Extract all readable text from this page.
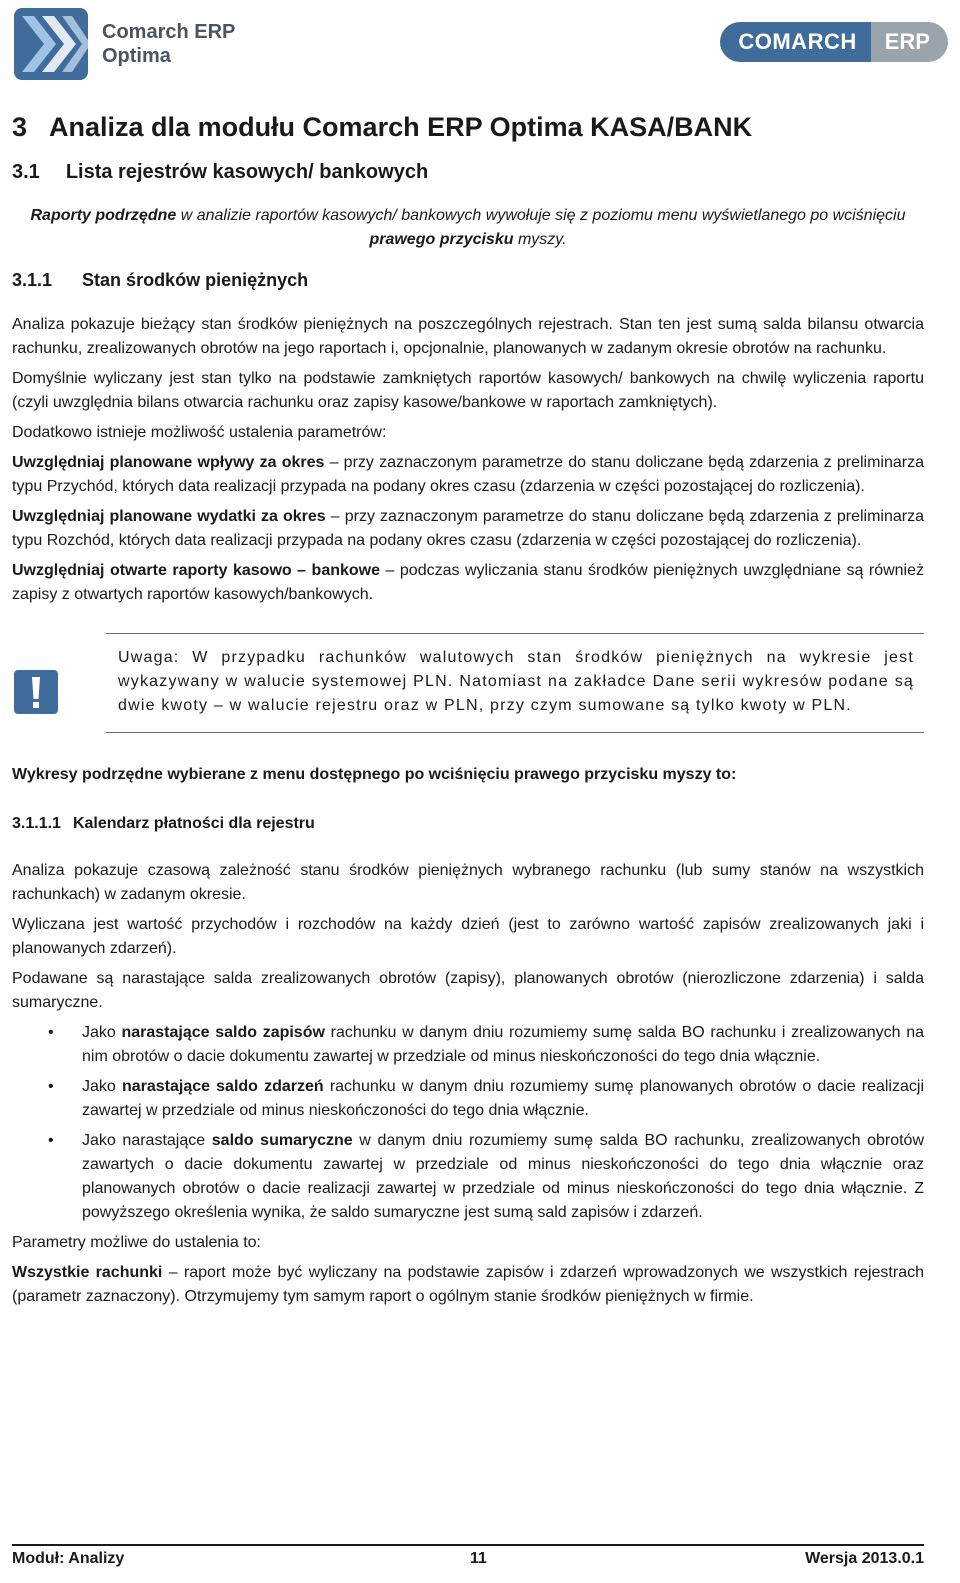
Comarch ERP
Optima
COMARCH	ERP
3 Analiza dla modułu Comarch ERP Optima KASA/BANK
3.1 Lista rejestrów kasowych/ bankowych

Raporty podrzędne w analizie raportów kasowych/ bankowych wywołuje się z poziomu menu wyświetlanego po wciśnięciu prawego przycisku myszy.

3.1.1 Stan środków pieniężnych

Analiza pokazuje bieżący stan środków pieniężnych na poszczególnych rejestrach. Stan ten jest sumą salda bilansu otwarcia rachunku, zrealizowanych obrotów na jego raportach i, opcjonalnie, planowanych w zadanym okresie obrotów na rachunku.

Domyślnie wyliczany jest stan tylko na podstawie zamkniętych raportów kasowych/ bankowych na chwilę wyliczenia raportu (czyli uwzględnia bilans otwarcia rachunku oraz zapisy kasowe/bankowe w raportach zamkniętych).

Dodatkowo istnieje możliwość ustalenia parametrów:

Uwzględniaj planowane wpływy za okres – przy zaznaczonym parametrze do stanu doliczane będą zdarzenia z preliminarza typu Przychód, których data realizacji przypada na podany okres czasu (zdarzenia w części pozostającej do rozliczenia).

Uwzględniaj planowane wydatki za okres – przy zaznaczonym parametrze do stanu doliczane będą zdarzenia z preliminarza typu Rozchód, których data realizacji przypada na podany okres czasu (zdarzenia w części pozostającej do rozliczenia).

Uwzględniaj otwarte raporty kasowo – bankowe – podczas wyliczania stanu środków pieniężnych uwzględniane są również zapisy z otwartych raportów kasowych/bankowych.

Uwaga: W przypadku rachunków walutowych stan środków pieniężnych na wykresie jest wykazywany w walucie systemowej PLN. Natomiast na zakładce Dane serii wykresów podane są dwie kwoty – w walucie rejestru oraz w PLN, przy czym sumowane są tylko kwoty w PLN.

Wykresy podrzędne wybierane z menu dostępnego po wciśnięciu prawego przycisku myszy to:

3.1.1.1 Kalendarz płatności dla rejestru

Analiza pokazuje czasową zależność stanu środków pieniężnych wybranego rachunku (lub sumy stanów na wszystkich rachunkach) w zadanym okresie.

Wyliczana jest wartość przychodów i rozchodów na każdy dzień (jest to zarówno wartość zapisów zrealizowanych jaki i planowanych zdarzeń).

Podawane są narastające salda zrealizowanych obrotów (zapisy), planowanych obrotów (nierozliczone zdarzenia) i salda sumaryczne.

• Jako narastające saldo zapisów rachunku w danym dniu rozumiemy sumę salda BO rachunku i zrealizowanych na nim obrotów o dacie dokumentu zawartej w przedziale od minus nieskończoności do tego dnia włącznie.
• Jako narastające saldo zdarzeń rachunku w danym dniu rozumiemy sumę planowanych obrotów o dacie realizacji zawartej w przedziale od minus nieskończoności do tego dnia włącznie.
• Jako narastające saldo sumaryczne w danym dniu rozumiemy sumę salda BO rachunku, zrealizowanych obrotów zawartych o dacie dokumentu zawartej w przedziale od minus nieskończoności do tego dnia włącznie oraz planowanych obrotów o dacie realizacji zawartej w przedziale od minus nieskończoności do tego dnia włącznie. Z powyższego określenia wynika, że saldo sumaryczne jest sumą sald zapisów i zdarzeń.

Parametry możliwe do ustalenia to:

Wszystkie rachunki – raport może być wyliczany na podstawie zapisów i zdarzeń wprowadzonych we wszystkich rejestrach (parametr zaznaczony). Otrzymujemy tym samym raport o ogólnym stanie środków pieniężnych w firmie.

Moduł: Analizy	11	Wersja 2013.0.1
